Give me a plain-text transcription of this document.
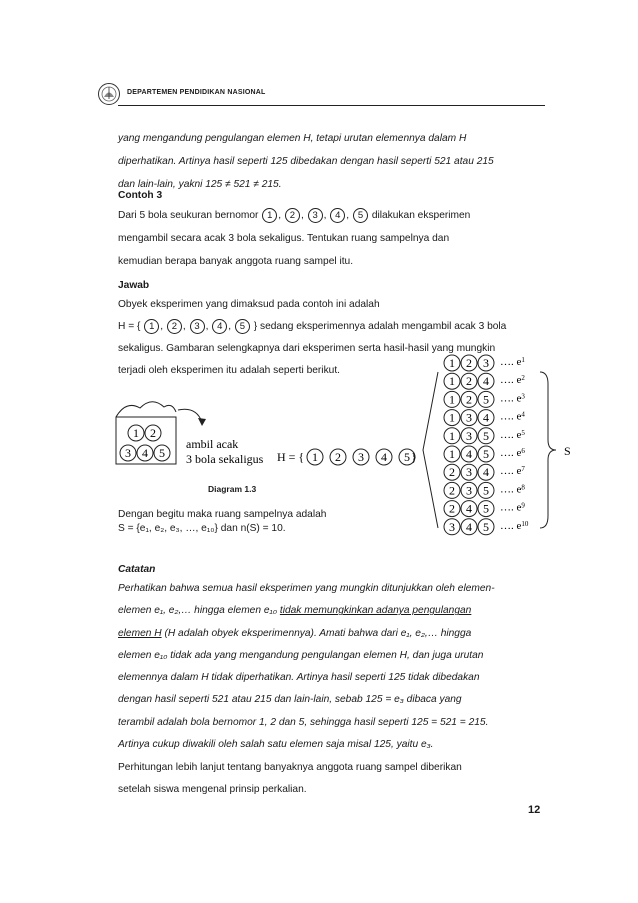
DEPARTEMEN PENDIDIKAN NASIONAL
yang mengandung pengulangan elemen H, tetapi urutan elemennya dalam H
diperhatikan. Artinya hasil seperti 125 dibedakan dengan hasil seperti 521 atau 215
dan lain-lain, yakni 125 ≠ 521 ≠ 215.
Contoh 3
Dari 5 bola seukuran bernomor 1 , 2 , 3 , 4 , 5 dilakukan eksperimen
mengambil secara acak 3 bola sekaligus. Tentukan ruang sampelnya dan
kemudian berapa banyak anggota ruang sampel itu.
Jawab
Obyek eksperimen yang dimaksud pada contoh ini adalah
H = { 1 , 2 , 3 , 4 , 5 } sedang eksperimennya adalah mengambil acak 3 bola
sekaligus. Gambaran selengkapnya dari eksperimen serta hasil-hasil yang mungkin
terjadi oleh eksperimen itu adalah seperti berikut.
1 2
3 4 5
ambil acak
3 bola sekaligus H = { 1 2 3 4 5 }
1 2 3 …. $e^1$
1 2 4 …. $e^2$
1 2 5 …. $e^3$
1 3 4 …. $e^4$
1 3 5 …. $e^5$
1 4 5 …. $e^6$
2 3 4 …. $e^7$
2 3 5 …. $e^8$
2 4 5 …. $e^9$
3 4 5 …. $e^{10}$
S
Diagram 1.3
Dengan begitu maka ruang sampelnya adalah
S = {e₁, e₂, e₃, …, e₁₀} dan n(S) = 10.
Catatan
Perhatikan bahwa semua hasil eksperimen yang mungkin ditunjukkan oleh elemen-
elemen e₁, e₂,… hingga elemen e₁₀ tidak memungkinkan adanya pengulangan
elemen H (H adalah obyek eksperimennya). Amati bahwa dari e₁, e₂,… hingga
elemen e₁₀ tidak ada yang mengandung pengulangan elemen H, dan juga urutan
elemennya dalam H tidak diperhatikan. Artinya hasil seperti 125 tidak dibedakan
dengan hasil seperti 521 atau 215 dan lain-lain, sebab 125 = e₃ dibaca yang
terambil adalah bola bernomor 1, 2 dan 5, sehingga hasil seperti 125 = 521 = 215.
Artinya cukup diwakili oleh salah satu elemen saja misal 125, yaitu e₃.
Perhitungan lebih lanjut tentang banyaknya anggota ruang sampel diberikan
setelah siswa mengenal prinsip perkalian.
12
